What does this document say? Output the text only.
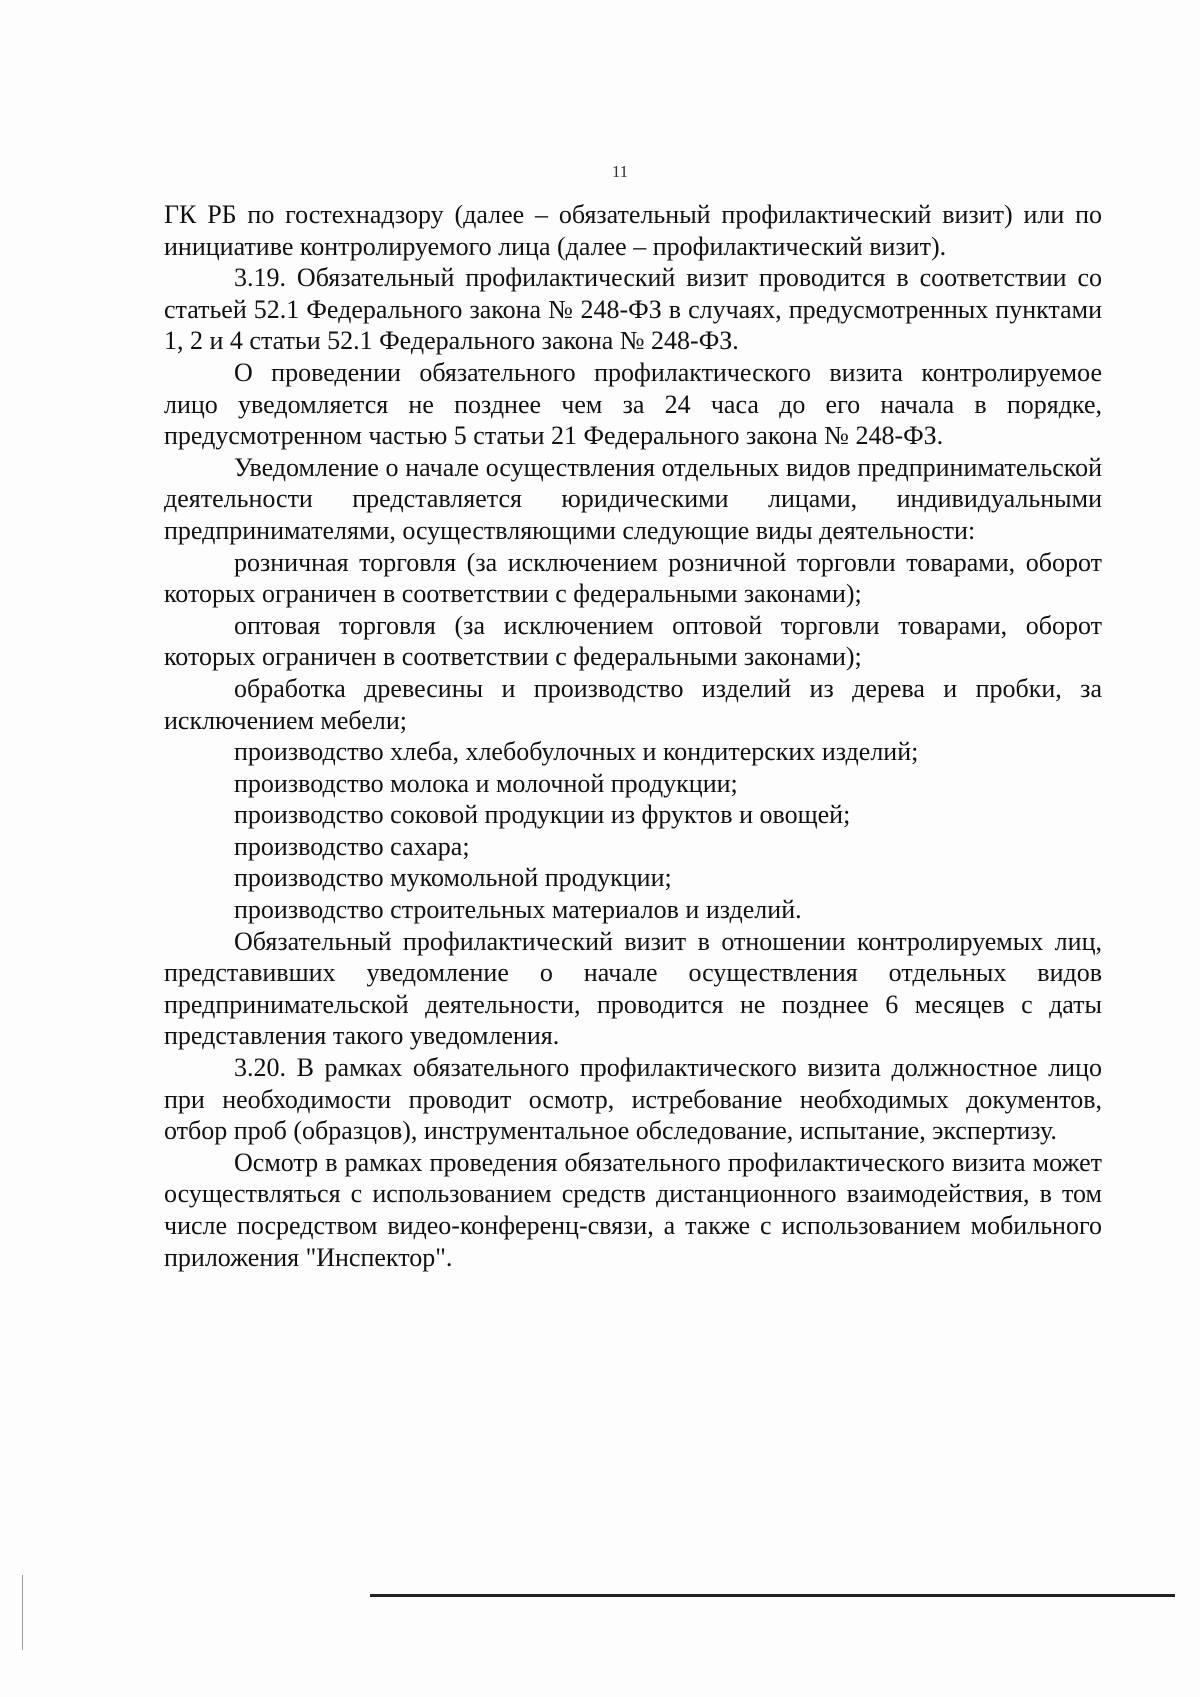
11

ГК РБ по гостехнадзору (далее – обязательный профилактический визит) или по инициативе контролируемого лица (далее – профилактический визит).

3.19. Обязательный профилактический визит проводится в соответствии со статьей 52.1 Федерального закона № 248-ФЗ в случаях, предусмотренных пунктами 1, 2 и 4 статьи 52.1 Федерального закона № 248-ФЗ.

О проведении обязательного профилактического визита контролируемое лицо уведомляется не позднее чем за 24 часа до его начала в порядке, предусмотренном частью 5 статьи 21 Федерального закона № 248-ФЗ.

Уведомление о начале осуществления отдельных видов предпринимательской деятельности представляется юридическими лицами, индивидуальными предпринимателями, осуществляющими следующие виды деятельности:

розничная торговля (за исключением розничной торговли товарами, оборот которых ограничен в соответствии с федеральными законами);

оптовая торговля (за исключением оптовой торговли товарами, оборот которых ограничен в соответствии с федеральными законами);

обработка древесины и производство изделий из дерева и пробки, за исключением мебели;

производство хлеба, хлебобулочных и кондитерских изделий;

производство молока и молочной продукции;

производство соковой продукции из фруктов и овощей;

производство сахара;

производство мукомольной продукции;

производство строительных материалов и изделий.

Обязательный профилактический визит в отношении контролируемых лиц, представивших уведомление о начале осуществления отдельных видов предпринимательской деятельности, проводится не позднее 6 месяцев с даты представления такого уведомления.

3.20. В рамках обязательного профилактического визита должностное лицо при необходимости проводит осмотр, истребование необходимых документов, отбор проб (образцов), инструментальное обследование, испытание, экспертизу.

Осмотр в рамках проведения обязательного профилактического визита может осуществляться с использованием средств дистанционного взаимодействия, в том числе посредством видео-конференц-связи, а также с использованием мобильного приложения "Инспектор".
